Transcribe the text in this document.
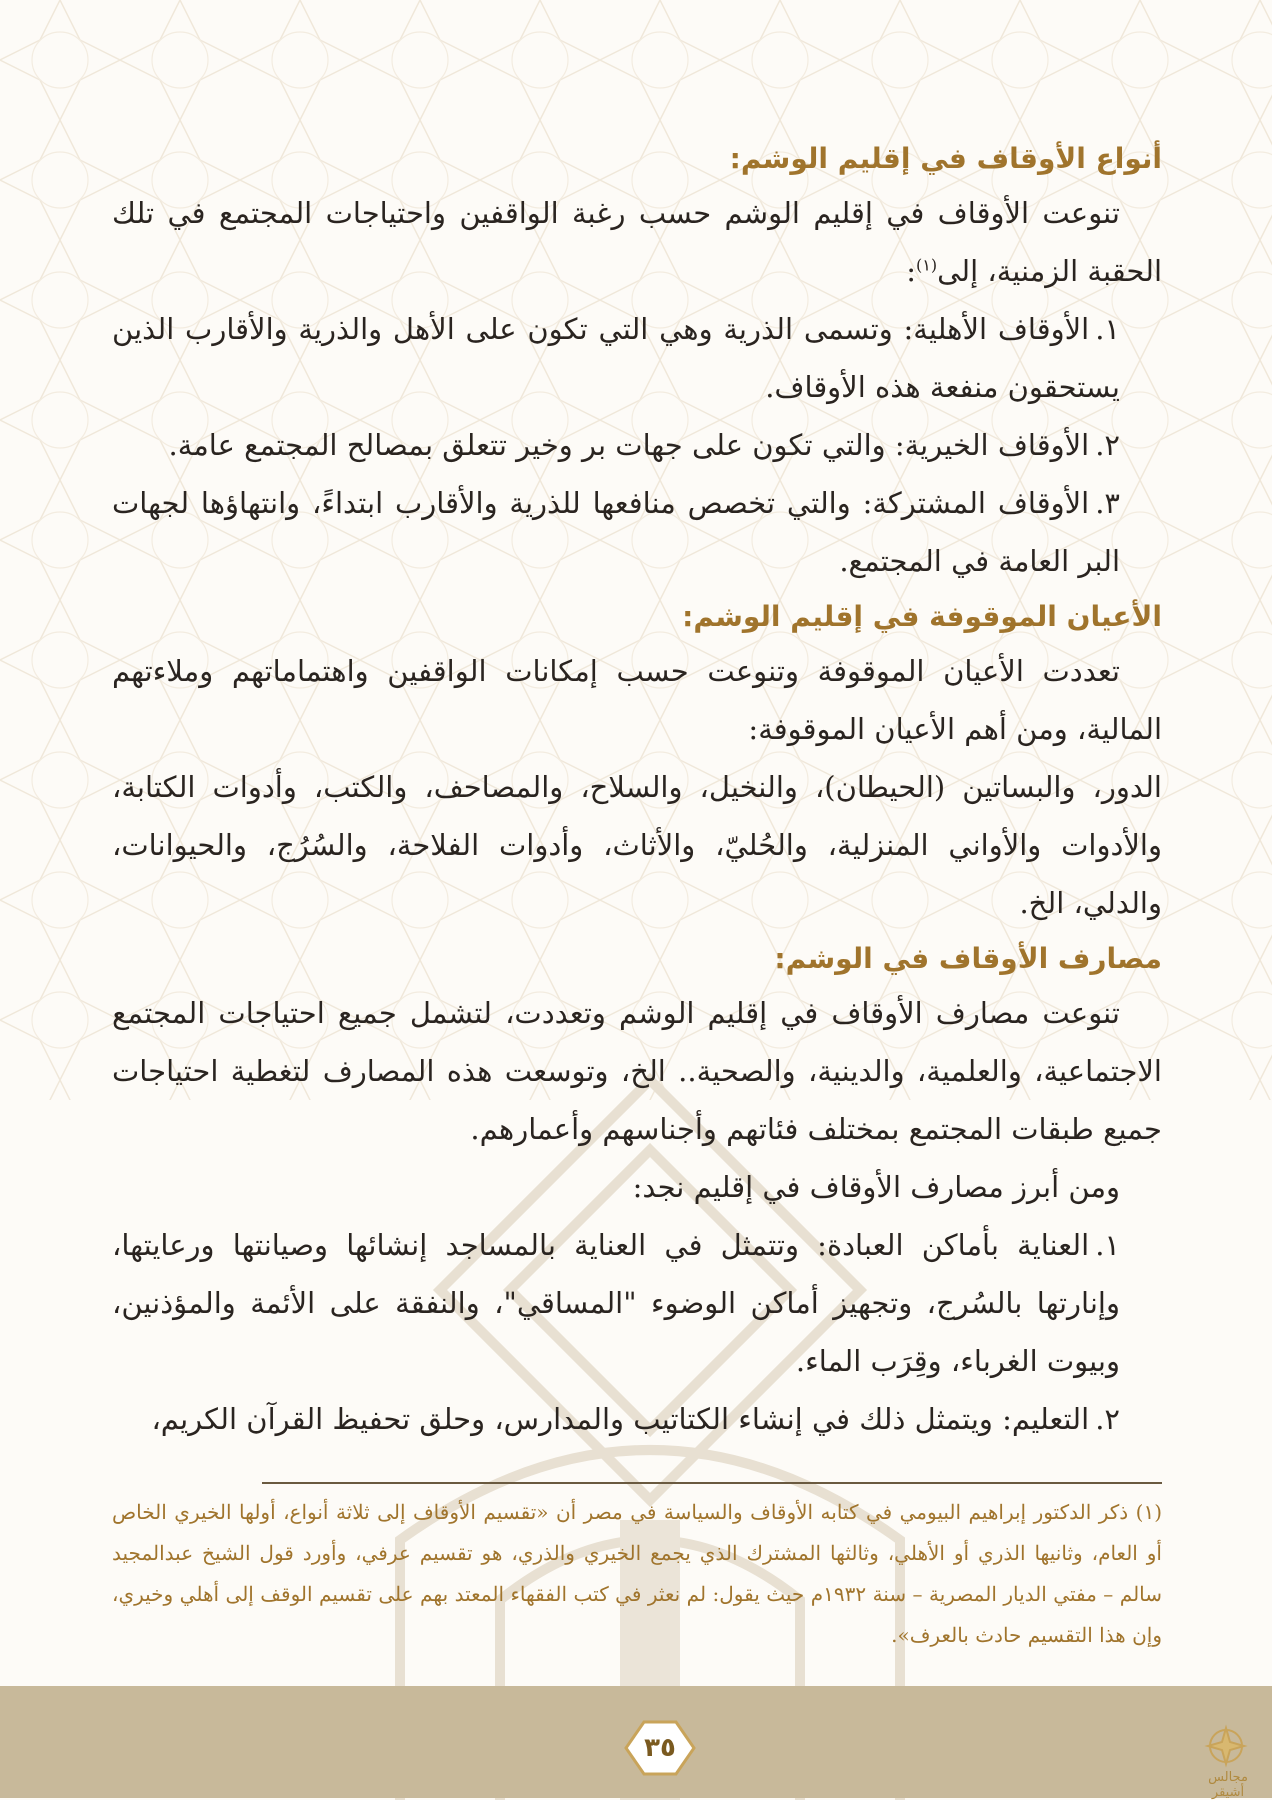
أنواع الأوقاف في إقليم الوشم:

تنوعت الأوقاف في إقليم الوشم حسب رغبة الواقفين واحتياجات المجتمع في تلك الحقبة الزمنية، إلى$^{(١)}$:

١.الأوقاف الأهلية: وتسمى الذرية وهي التي تكون على الأهل والذرية والأقارب الذين يستحقون منفعة هذه الأوقاف.
٢.الأوقاف الخيرية: والتي تكون على جهات بر وخير تتعلق بمصالح المجتمع عامة.
٣.الأوقاف المشتركة: والتي تخصص منافعها للذرية والأقارب ابتداءً، وانتهاؤها لجهات البر العامة في المجتمع.
الأعيان الموقوفة في إقليم الوشم:

تعددت الأعيان الموقوفة وتنوعت حسب إمكانات الواقفين واهتماماتهم وملاءتهم المالية، ومن أهم الأعيان الموقوفة:

الدور، والبساتين (الحيطان)، والنخيل، والسلاح، والمصاحف، والكتب، وأدوات الكتابة، والأدوات والأواني المنزلية، والحُليّ، والأثاث، وأدوات الفلاحة، والسُرُج، والحيوانات، والدلي، الخ.

مصارف الأوقاف في الوشم:

تنوعت مصارف الأوقاف في إقليم الوشم وتعددت، لتشمل جميع احتياجات المجتمع الاجتماعية، والعلمية، والدينية، والصحية.. الخ، وتوسعت هذه المصارف لتغطية احتياجات جميع طبقات المجتمع بمختلف فئاتهم وأجناسهم وأعمارهم.

ومن أبرز مصارف الأوقاف في إقليم نجد:

١.العناية بأماكن العبادة: وتتمثل في العناية بالمساجد إنشائها وصيانتها ورعايتها، وإنارتها بالسُرج، وتجهيز أماكن الوضوء "المساقي"، والنفقة على الأئمة والمؤذنين، وبيوت الغرباء، وقِرَب الماء.
٢.التعليم: ويتمثل ذلك في إنشاء الكتاتيب والمدارس، وحلق تحفيظ القرآن الكريم،
(١) ذكر الدكتور إبراهيم البيومي في كتابه الأوقاف والسياسة في مصر أن «تقسيم الأوقاف إلى ثلاثة أنواع، أولها الخيري الخاص أو العام، وثانيها الذري أو الأهلي، وثالثها المشترك الذي يجمع الخيري والذري، هو تقسيم عرفي، وأورد قول الشيخ عبدالمجيد سالم – مفتي الديار المصرية – سنة ١٩٣٢م حيث يقول: لم نعثر في كتب الفقهاء المعتد بهم على تقسيم الوقف إلى أهلي وخيري، وإن هذا التقسيم حادث بالعرف».
٣٥
مجالس أشيقر
